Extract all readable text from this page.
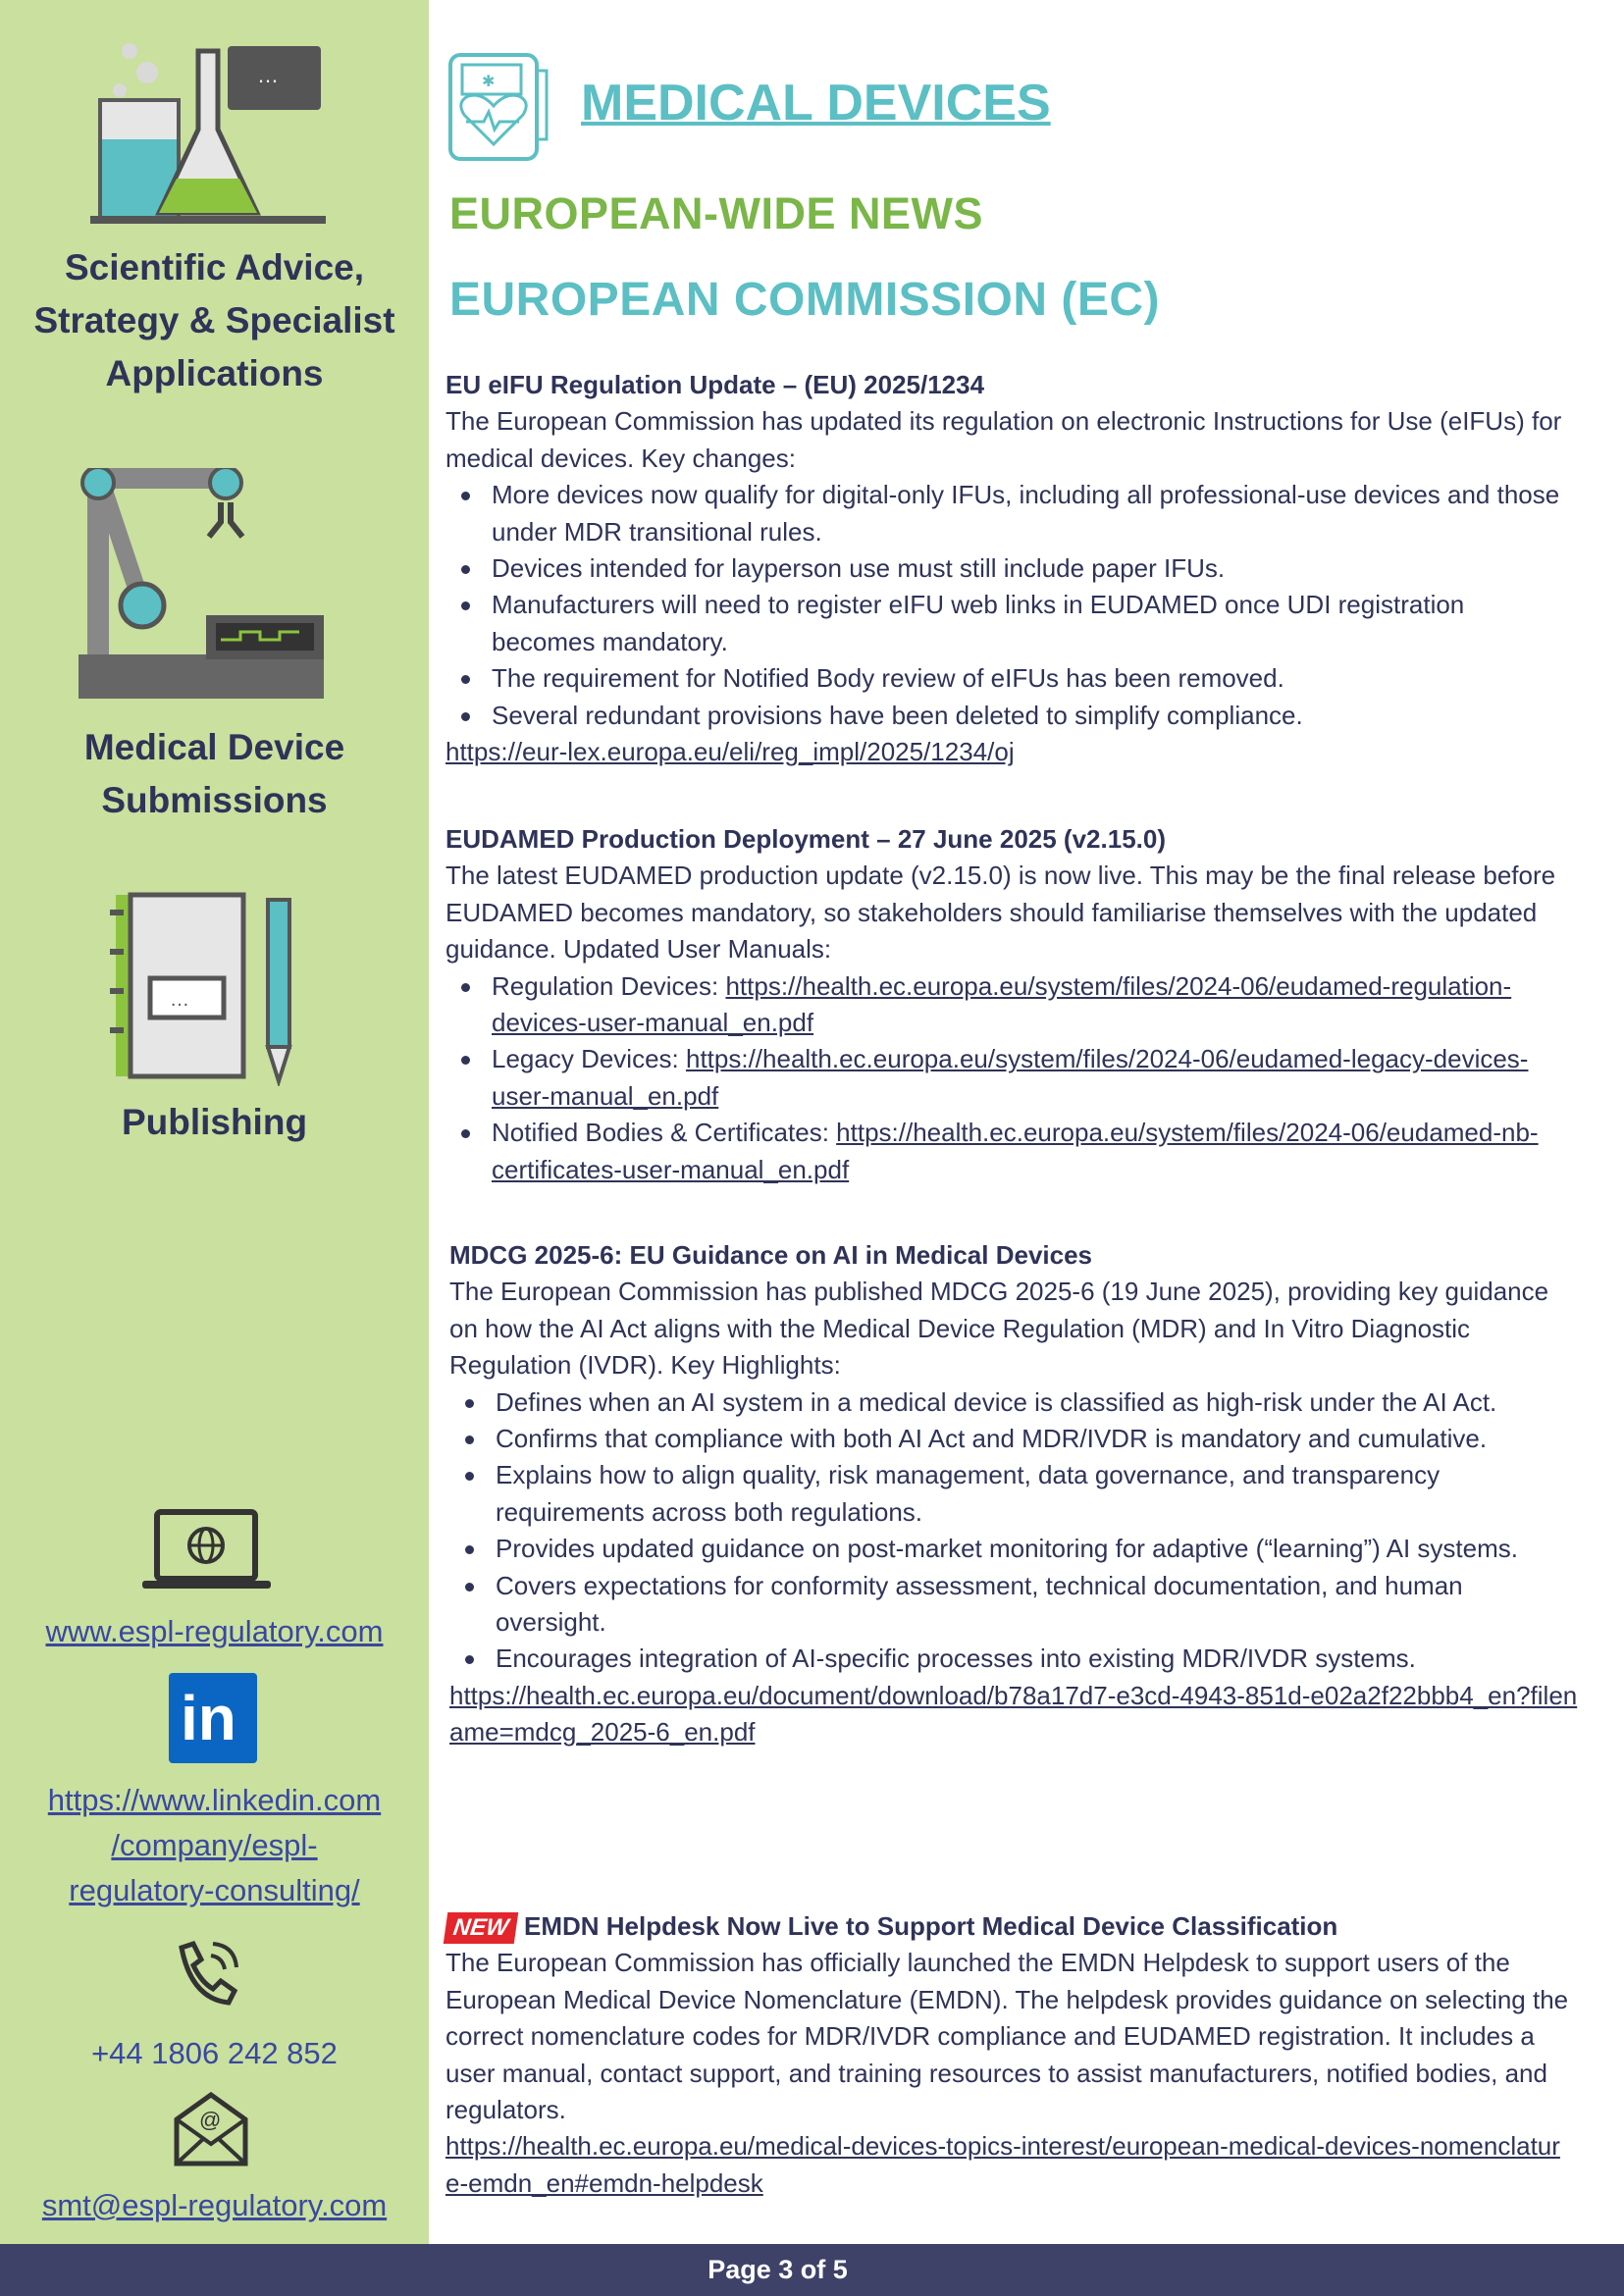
…
Scientific Advice,
Strategy & Specialist
Applications
Medical Device
Submissions
…
Publishing
www.espl-regulatory.com
in
https://www.linkedin.com
/company/espl-
regulatory-consulting/
+44 1806 242 852
@
smt@espl-regulatory.com
✱ MEDICAL DEVICES
EUROPEAN-WIDE NEWS
EUROPEAN COMMISSION (EC)
EU eIFU Regulation Update – (EU) 2025/1234

The European Commission has updated its regulation on electronic Instructions for Use (eIFUs) for medical devices. Key changes:

More devices now qualify for digital-only IFUs, including all professional-use devices and those under MDR transitional rules.
Devices intended for layperson use must still include paper IFUs.
Manufacturers will need to register eIFU web links in EUDAMED once UDI registration becomes mandatory.
The requirement for Notified Body review of eIFUs has been removed.
Several redundant provisions have been deleted to simplify compliance.
https://eur-lex.europa.eu/eli/reg_impl/2025/1234/oj
EUDAMED Production Deployment – 27 June 2025 (v2.15.0)

The latest EUDAMED production update (v2.15.0) is now live. This may be the final release before EUDAMED becomes mandatory, so stakeholders should familiarise themselves with the updated guidance. Updated User Manuals:

Regulation Devices: https://health.ec.europa.eu/system/files/2024-06/eudamed-regulation-devices-user-manual_en.pdf
Legacy Devices: https://health.ec.europa.eu/system/files/2024-06/eudamed-legacy-devices-user-manual_en.pdf
Notified Bodies & Certificates: https://health.ec.europa.eu/system/files/2024-06/eudamed-nb-certificates-user-manual_en.pdf
MDCG 2025-6: EU Guidance on AI in Medical Devices

The European Commission has published MDCG 2025-6 (19 June 2025), providing key guidance on how the AI Act aligns with the Medical Device Regulation (MDR) and In Vitro Diagnostic Regulation (IVDR). Key Highlights:

Defines when an AI system in a medical device is classified as high-risk under the AI Act.
Confirms that compliance with both AI Act and MDR/IVDR is mandatory and cumulative.
Explains how to align quality, risk management, data governance, and transparency requirements across both regulations.
Provides updated guidance on post-market monitoring for adaptive (“learning”) AI systems.
Covers expectations for conformity assessment, technical documentation, and human oversight.
Encourages integration of AI-specific processes into existing MDR/IVDR systems.
https://health.ec.europa.eu/document/download/b78a17d7-e3cd-4943-851d-e02a2f22bbb4_en?filename=mdcg_2025-6_en.pdf
NEW EMDN Helpdesk Now Live to Support Medical Device Classification

The European Commission has officially launched the EMDN Helpdesk to support users of the European Medical Device Nomenclature (EMDN). The helpdesk provides guidance on selecting the correct nomenclature codes for MDR/IVDR compliance and EUDAMED registration. It includes a user manual, contact support, and training resources to assist manufacturers, notified bodies, and regulators.

https://health.ec.europa.eu/medical-devices-topics-interest/european-medical-devices-nomenclature-emdn_en#emdn-helpdesk
Page 3 of 5
